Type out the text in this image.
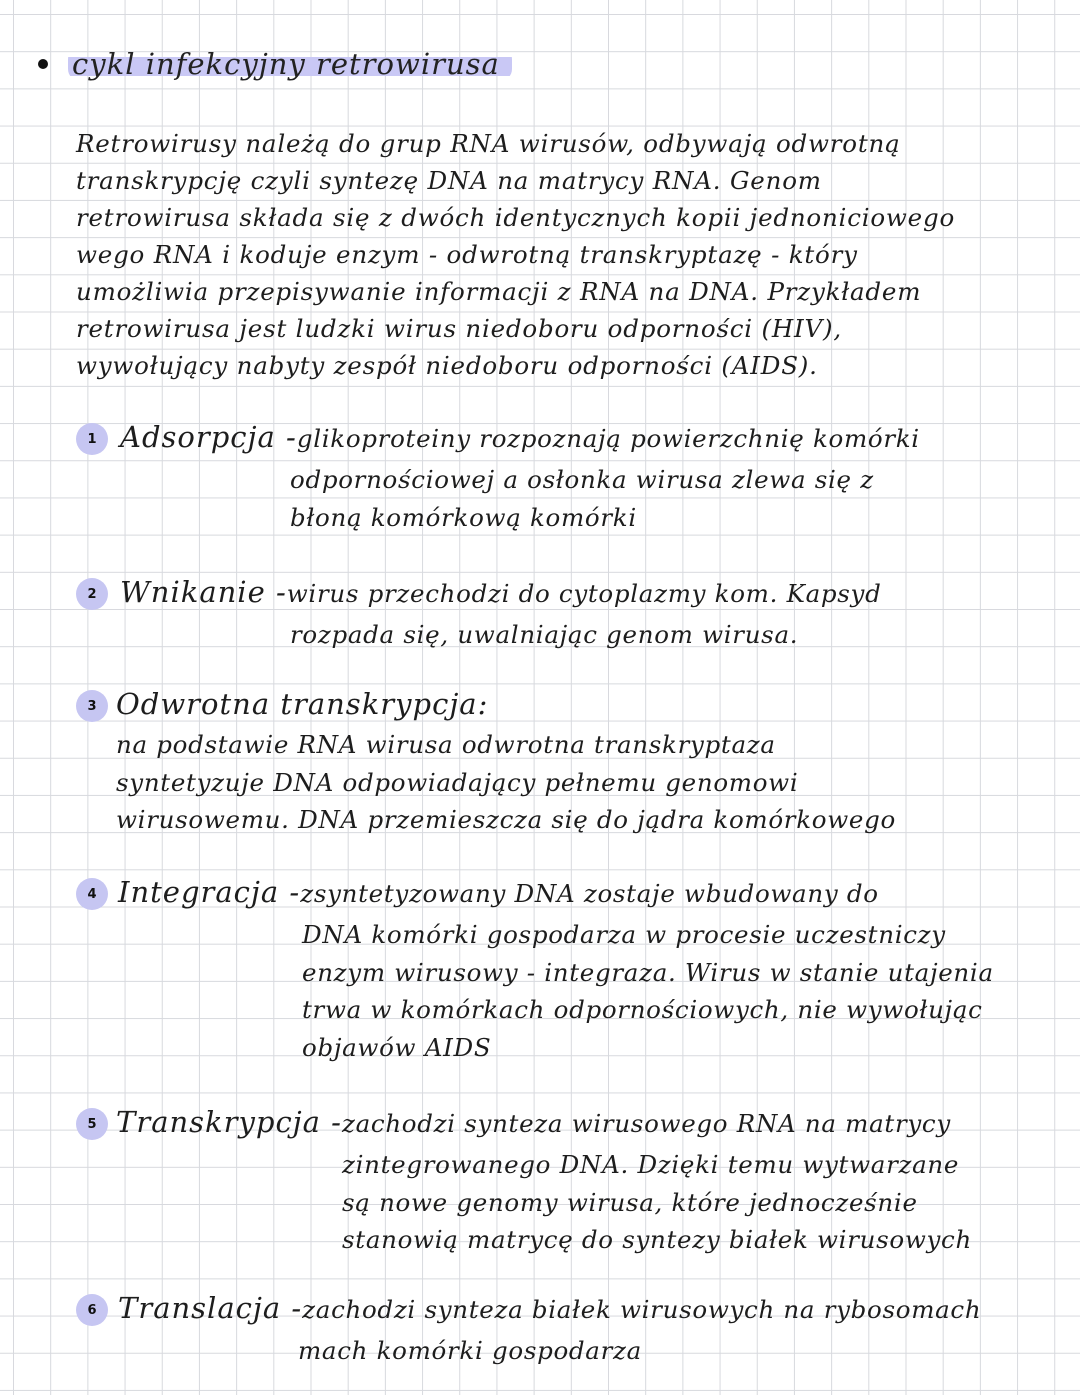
cykl infekcyjny retrowirusa
Retrowirusy należą do grup RNA wirusów, odbywają odwrotną
transkrypcję czyli syntezę DNA na matrycy RNA. Genom
retrowirusa składa się z dwóch identycznych kopii jednoniciowego
wego RNA i koduje enzym - odwrotną transkryptazę - który
umożliwia przepisywanie informacji z RNA na DNA. Przykładem
retrowirusa jest ludzki wirus niedoboru odporności (HIV),
wywołujący nabyty zespół niedoboru odporności (AIDS).
1 Adsorpcja - glikoproteiny rozpoznają powierzchnię komórki
odpornościowej a osłonka wirusa zlewa się z
błoną komórkową komórki
2 Wnikanie - wirus przechodzi do cytoplazmy kom. Kapsyd
rozpada się, uwalniając genom wirusa.
3 Odwrotna transkrypcja:
na podstawie RNA wirusa odwrotna transkryptaza
syntetyzuje DNA odpowiadający pełnemu genomowi
wirusowemu. DNA przemieszcza się do jądra komórkowego
4 Integracja - zsyntetyzowany DNA zostaje wbudowany do
DNA komórki gospodarza w procesie uczestniczy
enzym wirusowy - integraza. Wirus w stanie utajenia
trwa w komórkach odpornościowych, nie wywołując
objawów AIDS
5 Transkrypcja - zachodzi synteza wirusowego RNA na matrycy
zintegrowanego DNA. Dzięki temu wytwarzane
są nowe genomy wirusa, które jednocześnie
stanowią matrycę do syntezy białek wirusowych
6 Translacja - zachodzi synteza białek wirusowych na rybosomach
mach komórki gospodarza
